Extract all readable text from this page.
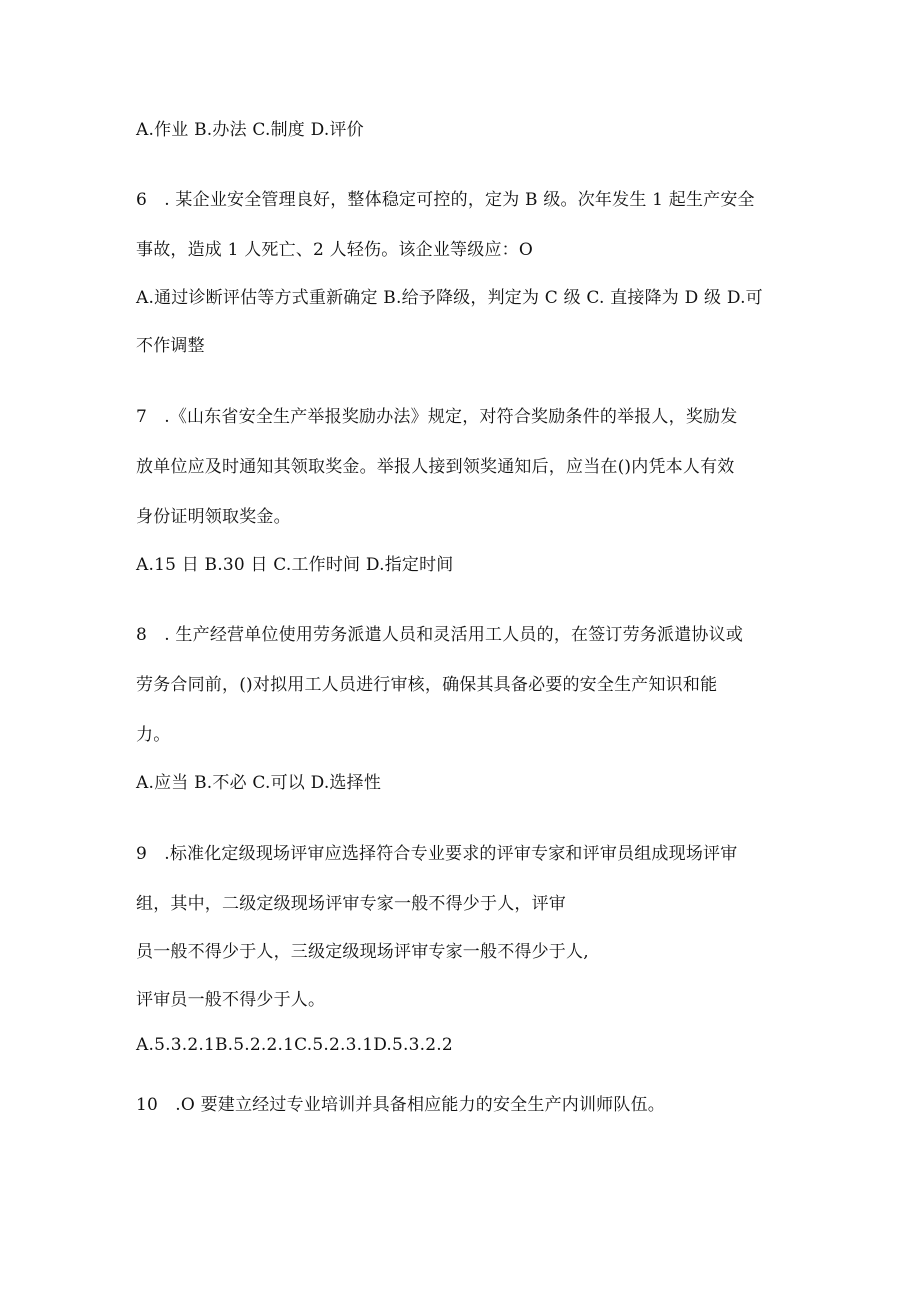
A.作业 B.办法 C.制度 D.评价
6　. 某企业安全管理良好，整体稳定可控的，定为 B 级。次年发生 1 起生产安全
事故，造成 1 人死亡、2 人轻伤。该企业等级应：O
A.通过诊断评估等方式重新确定 B.给予降级，判定为 C 级 C. 直接降为 D 级 D.可
不作调整
7　.《山东省安全生产举报奖励办法》规定，对符合奖励条件的举报人，奖励发
放单位应及时通知其领取奖金。举报人接到领奖通知后，应当在()内凭本人有效
身份证明领取奖金。
A.15 日 B.30 日 C.工作时间 D.指定时间
8　. 生产经营单位使用劳务派遣人员和灵活用工人员的，在签订劳务派遣协议或
劳务合同前，()对拟用工人员进行审核，确保其具备必要的安全生产知识和能
力。
A.应当 B.不必 C.可以 D.选择性
9　.标准化定级现场评审应选择符合专业要求的评审专家和评审员组成现场评审
组，其中，二级定级现场评审专家一般不得少于人，评审
员一般不得少于人，三级定级现场评审专家一般不得少于人,
评审员一般不得少于人。
A.5.3.2.1B.5.2.2.1C.5.2.3.1D.5.3.2.2
10　.O 要建立经过专业培训并具备相应能力的安全生产内训师队伍。
